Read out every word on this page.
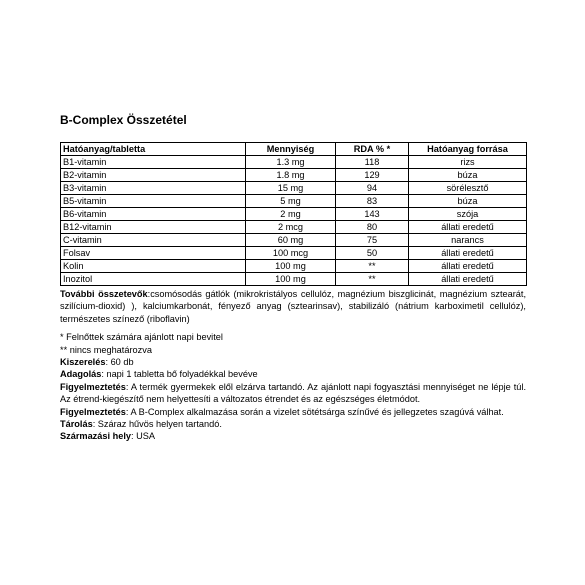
B-Complex Összetétel
Hatóanyag/tabletta	Mennyiség	RDA % *	Hatóanyag forrása
B1-vitamin	1.3 mg	118	rizs
B2-vitamin	1.8 mg	129	búza
B3-vitamin	15 mg	94	sörélesztő
B5-vitamin	5 mg	83	búza
B6-vitamin	2 mg	143	szója
B12-vitamin	2 mcg	80	állati eredetű
C-vitamin	60 mg	75	narancs
Folsav	100 mcg	50	állati eredetű
Kolin	100 mg	**	állati eredetű
Inozitol	100 mg	**	állati eredetű

További összetevők:csomósodás gátlók (mikrokristályos cellulóz, magnézium biszglicinát, magnézium sztearát, szilícium-dioxid) ), kalciumkarbonát, fényező anyag (sztearinsav), stabilizáló (nátrium karboximetil cellulóz), természetes színező (riboflavin)

* Felnőttek számára ajánlott napi bevitel

** nincs meghatározva

Kiszerelés: 60 db

Adagolás: napi 1 tabletta bő folyadékkal bevéve

Figyelmeztetés: A termék gyermekek elől elzárva tartandó. Az ajánlott napi fogyasztási mennyiséget ne lépje túl. Az étrend-kiegészítő nem helyettesíti a változatos étrendet és az egészséges életmódot.

Figyelmeztetés: A B-Complex alkalmazása során a vizelet sötétsárga színűvé és jellegzetes szagúvá válhat.

Tárolás: Száraz hűvös helyen tartandó.

Származási hely: USA
